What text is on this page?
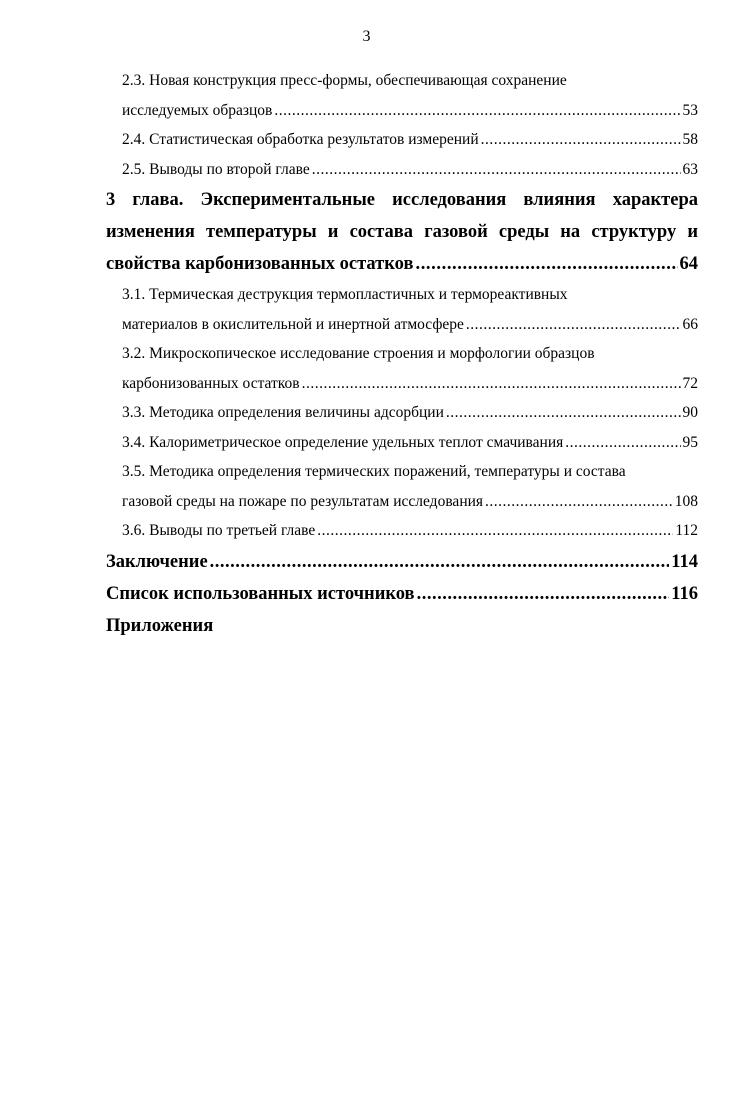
3
2.3. Новая конструкция пресс-формы, обеспечивающая сохранение
исследуемых образцов .....	53
2.4. Статистическая обработка результатов измерений .....	58
2.5. Выводы по второй главе .....	63
3 глава. Экспериментальные исследования влияния характера
изменения температуры и состава газовой среды на структуру и
свойства карбонизованных остатков .....	64
3.1. Термическая деструкция термопластичных и термореактивных
материалов в окислительной и инертной атмосфере .....	66
3.2. Микроскопическое исследование строения и морфологии образцов
карбонизованных остатков .....	72
3.3. Методика определения величины адсорбции .....	90
3.4. Калориметрическое определение удельных теплот смачивания .....	95
3.5. Методика определения термических поражений, температуры и состава
газовой среды на пожаре по результатам исследования .....	108
3.6. Выводы по третьей главе .....	112
Заключение .....	114
Список использованных источников .....	116
Приложения
